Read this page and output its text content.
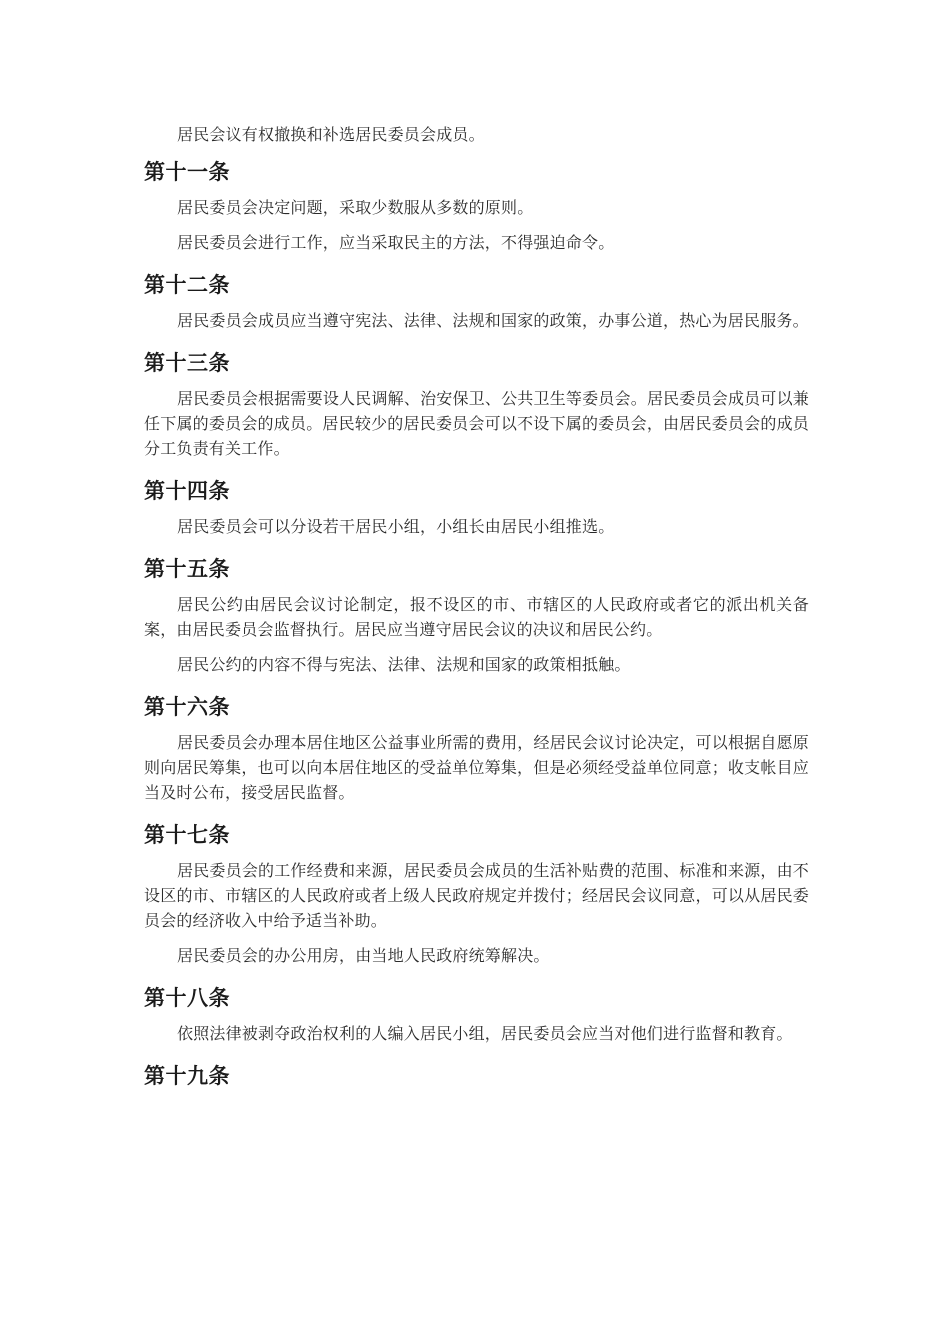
居民会议有权撤换和补选居民委员会成员。

第十一条

居民委员会决定问题，采取少数服从多数的原则。

居民委员会进行工作，应当采取民主的方法，不得强迫命令。

第十二条

居民委员会成员应当遵守宪法、法律、法规和国家的政策，办事公道，热心为居民服务。

第十三条

居民委员会根据需要设人民调解、治安保卫、公共卫生等委员会。居民委员会成员可以兼任下属的委员会的成员。居民较少的居民委员会可以不设下属的委员会，由居民委员会的成员分工负责有关工作。

第十四条

居民委员会可以分设若干居民小组，小组长由居民小组推选。

第十五条

居民公约由居民会议讨论制定，报不设区的市、市辖区的人民政府或者它的派出机关备案，由居民委员会监督执行。居民应当遵守居民会议的决议和居民公约。

居民公约的内容不得与宪法、法律、法规和国家的政策相抵触。

第十六条

居民委员会办理本居住地区公益事业所需的费用，经居民会议讨论决定，可以根据自愿原则向居民筹集，也可以向本居住地区的受益单位筹集，但是必须经受益单位同意；收支帐目应当及时公布，接受居民监督。

第十七条

居民委员会的工作经费和来源，居民委员会成员的生活补贴费的范围、标准和来源，由不设区的市、市辖区的人民政府或者上级人民政府规定并拨付；经居民会议同意，可以从居民委员会的经济收入中给予适当补助。

居民委员会的办公用房，由当地人民政府统筹解决。

第十八条

依照法律被剥夺政治权利的人编入居民小组，居民委员会应当对他们进行监督和教育。

第十九条
